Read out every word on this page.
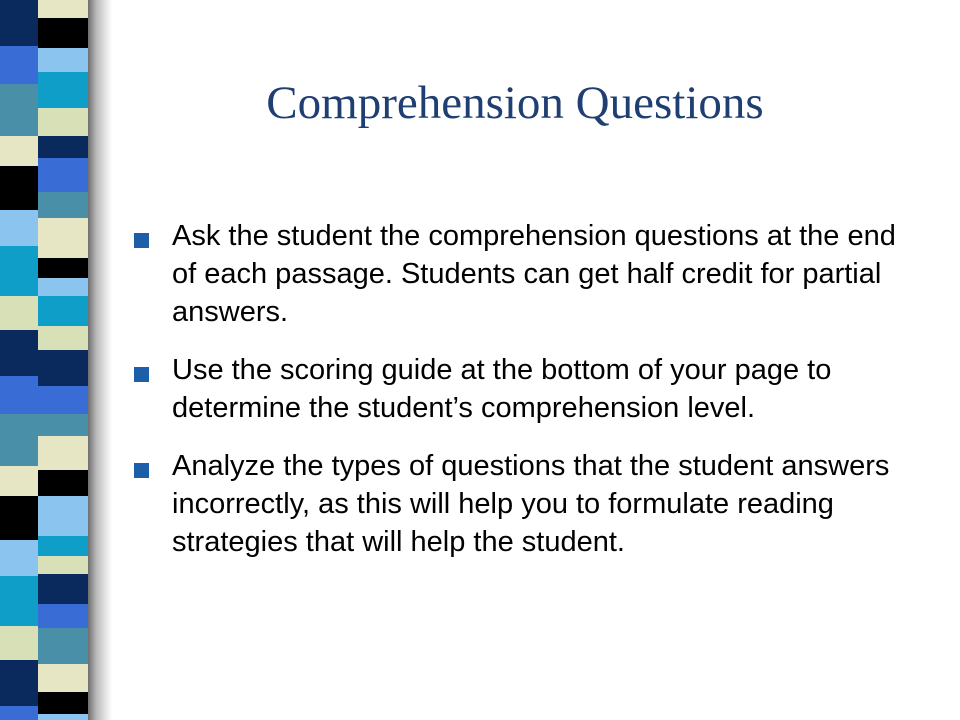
Comprehension Questions
Ask the student the comprehension questions at the end of each passage. Students can get half credit for partial answers.
Use the scoring guide at the bottom of your page to determine the student’s comprehension level.
Analyze the types of questions that the student answers incorrectly, as this will help you to formulate reading strategies that will help the student.
